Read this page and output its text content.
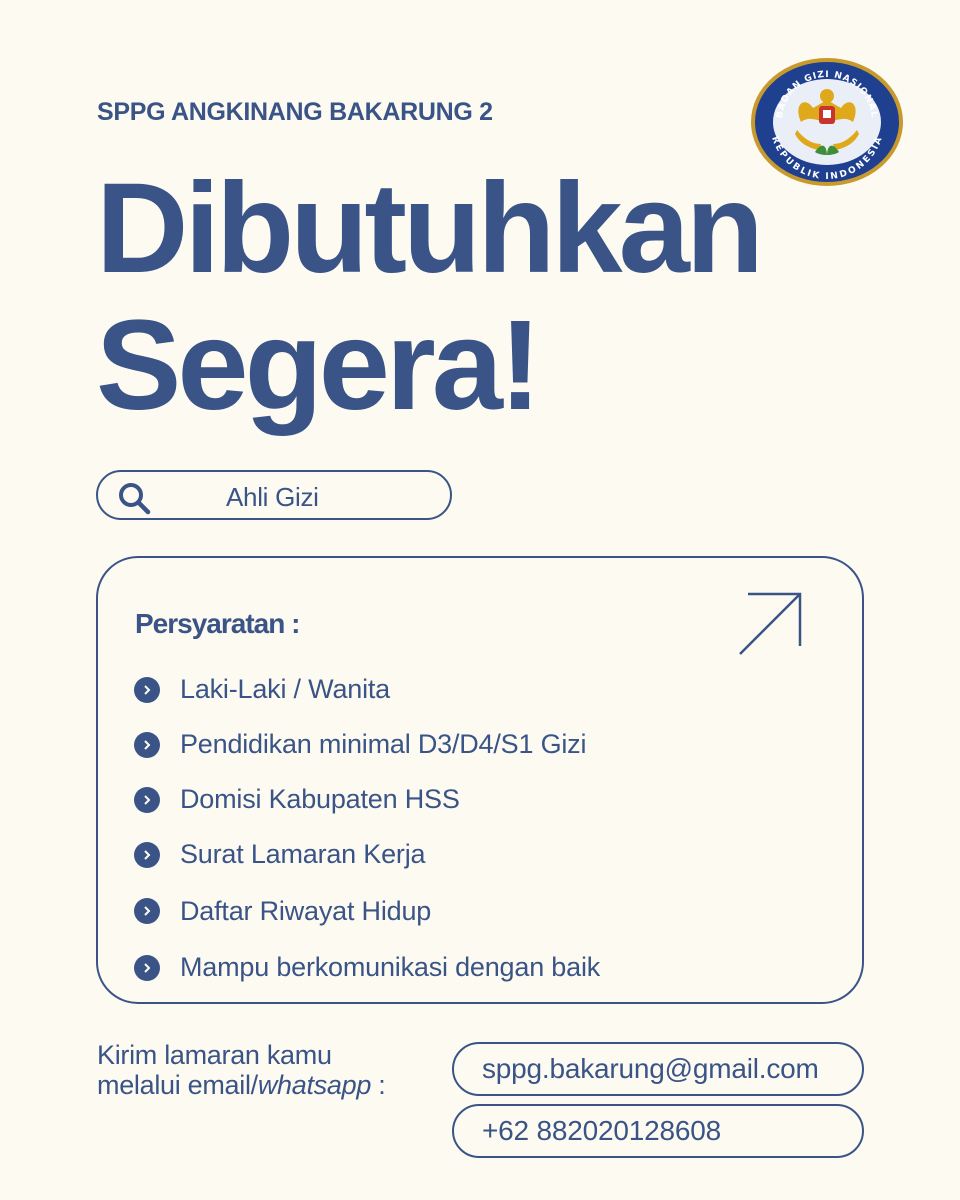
SPPG ANGKINANG BAKARUNG 2
Dibutuhkan
Segera!
BADAN GIZI NASIONAL
REPUBLIK INDONESIA
Ahli Gizi
Persyaratan :
Laki-Laki / Wanita
Pendidikan minimal D3/D4/S1 Gizi
Domisi Kabupaten HSS
Surat Lamaran Kerja
Daftar Riwayat Hidup
Mampu berkomunikasi dengan baik
Kirim lamaran kamu
melalui email/whatsapp :
sppg.bakarung@gmail.com
+62 882020128608
